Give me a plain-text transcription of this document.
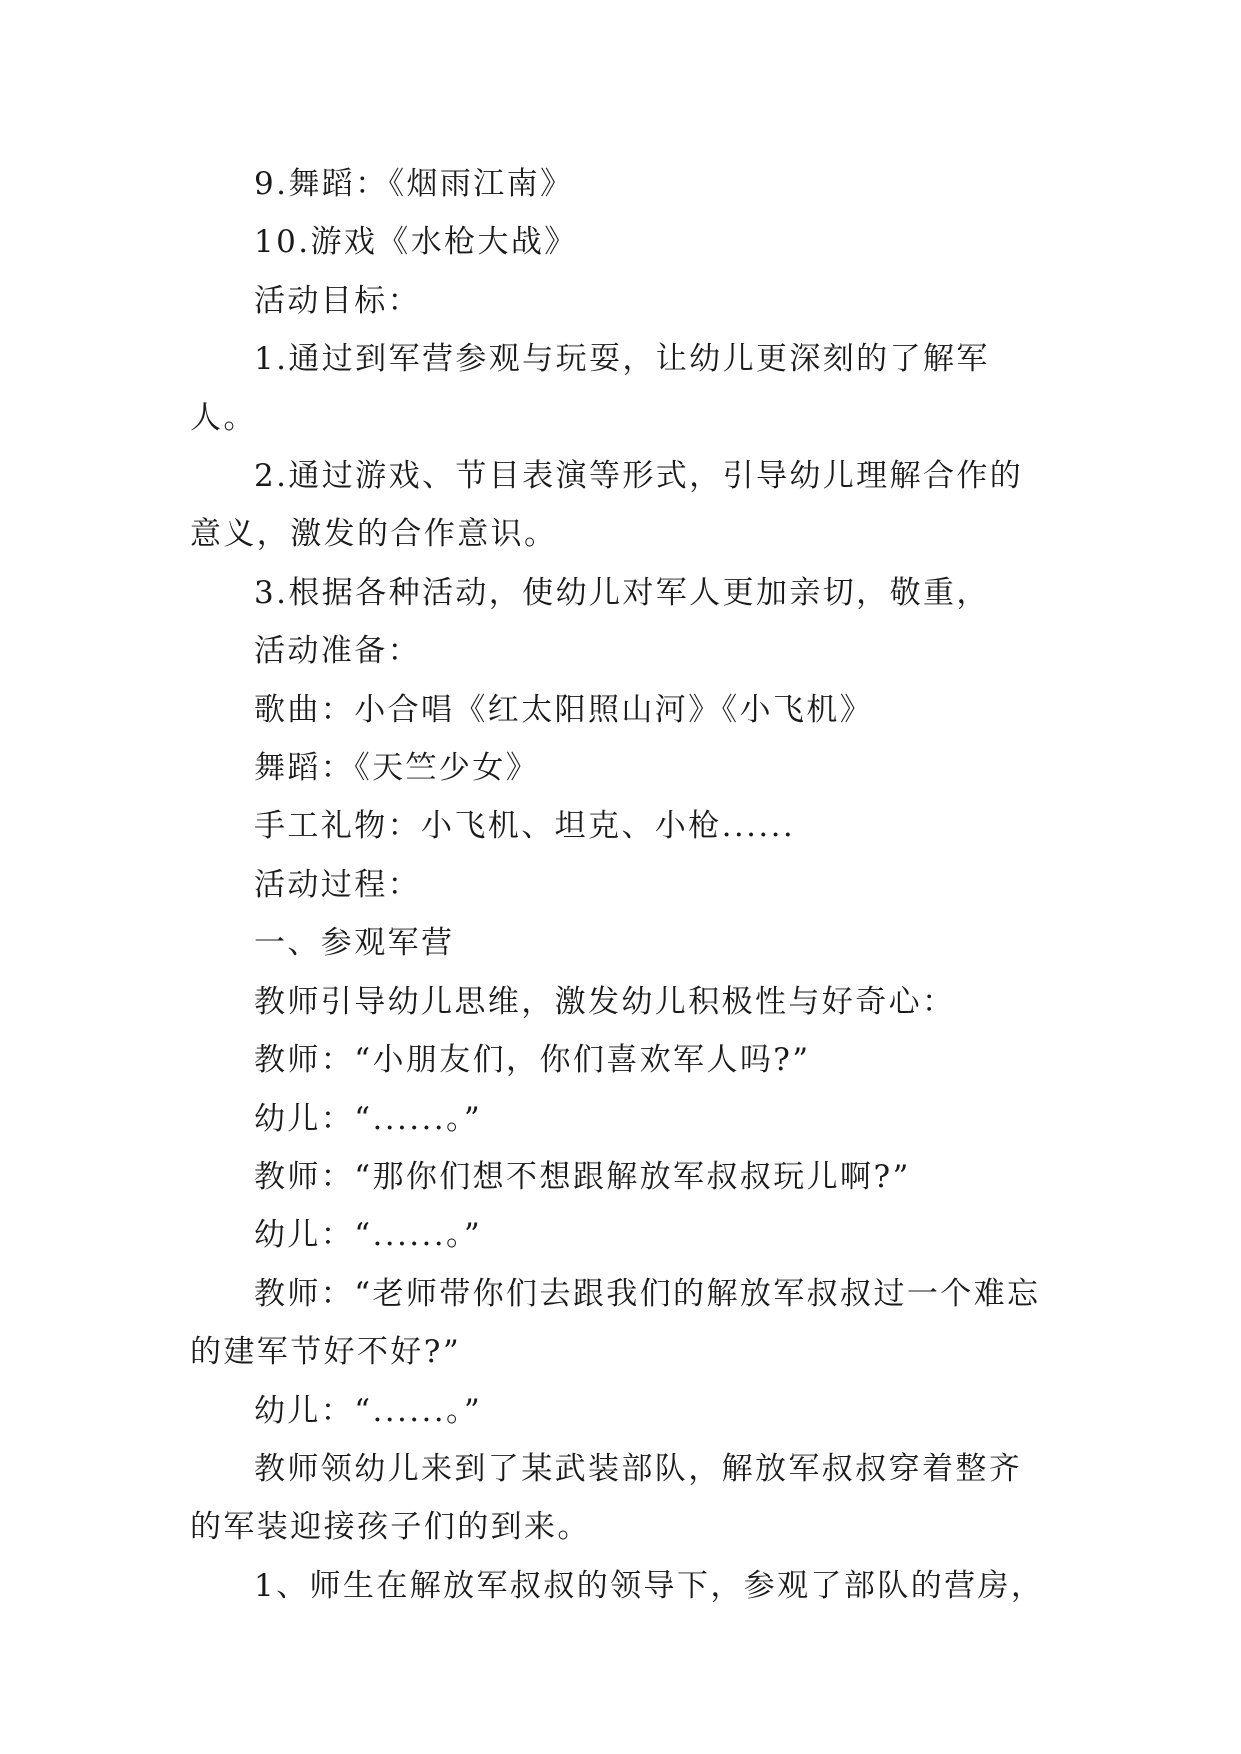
9.舞蹈：《烟雨江南》

10.游戏《水枪大战》

活动目标：

1.通过到军营参观与玩耍，让幼儿更深刻的了解军人。

2.通过游戏、节目表演等形式，引导幼儿理解合作的意义，激发的合作意识。

3.根据各种活动，使幼儿对军人更加亲切，敬重，

活动准备：

歌曲：小合唱《红太阳照山河》《小飞机》

舞蹈：《天竺少女》

手工礼物：小飞机、坦克、小枪......

活动过程：

一、参观军营

教师引导幼儿思维，激发幼儿积极性与好奇心：

教师：“小朋友们，你们喜欢军人吗?”

幼儿：“......。”

教师：“那你们想不想跟解放军叔叔玩儿啊?”

幼儿：“......。”

教师：“老师带你们去跟我们的解放军叔叔过一个难忘的建军节好不好?”

幼儿：“......。”

教师领幼儿来到了某武装部队，解放军叔叔穿着整齐的军装迎接孩子们的到来。

1、师生在解放军叔叔的领导下，参观了部队的营房，
